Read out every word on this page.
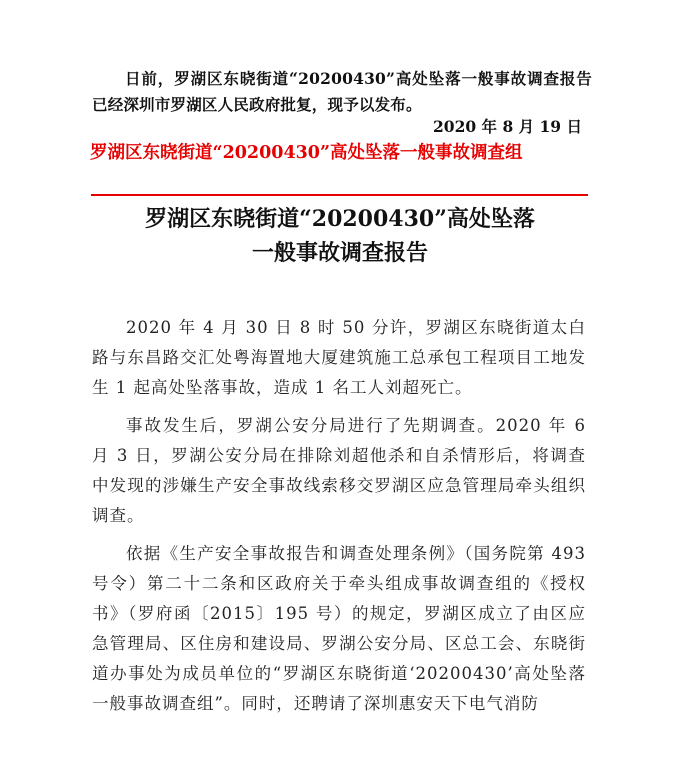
日前，罗湖区东晓街道“20200430”高处坠落一般事故调查报告已经深圳市罗湖区人民政府批复，现予以发布。

2020 年 8 月 19 日

罗湖区东晓街道“20200430”高处坠落一般事故调查组

罗湖区东晓街道“20200430”高处坠落
一般事故调查报告

2020 年 4 月 30 日 8 时 50 分许，罗湖区东晓街道太白路与东昌路交汇处粤海置地大厦建筑施工总承包工程项目工地发生 1 起高处坠落事故，造成 1 名工人刘超死亡。

事故发生后，罗湖公安分局进行了先期调查。2020 年 6 月 3 日，罗湖公安分局在排除刘超他杀和自杀情形后，将调查中发现的涉嫌生产安全事故线索移交罗湖区应急管理局牵头组织调查。

依据《生产安全事故报告和调查处理条例》（国务院第 493 号令）第二十二条和区政府关于牵头组成事故调查组的《授权书》（罗府函〔2015〕195 号）的规定，罗湖区成立了由区应急管理局、区住房和建设局、罗湖公安分局、区总工会、东晓街道办事处为成员单位的“罗湖区东晓街道‘20200430’高处坠落一般事故调查组”。同时，还聘请了深圳惠安天下电气消防
